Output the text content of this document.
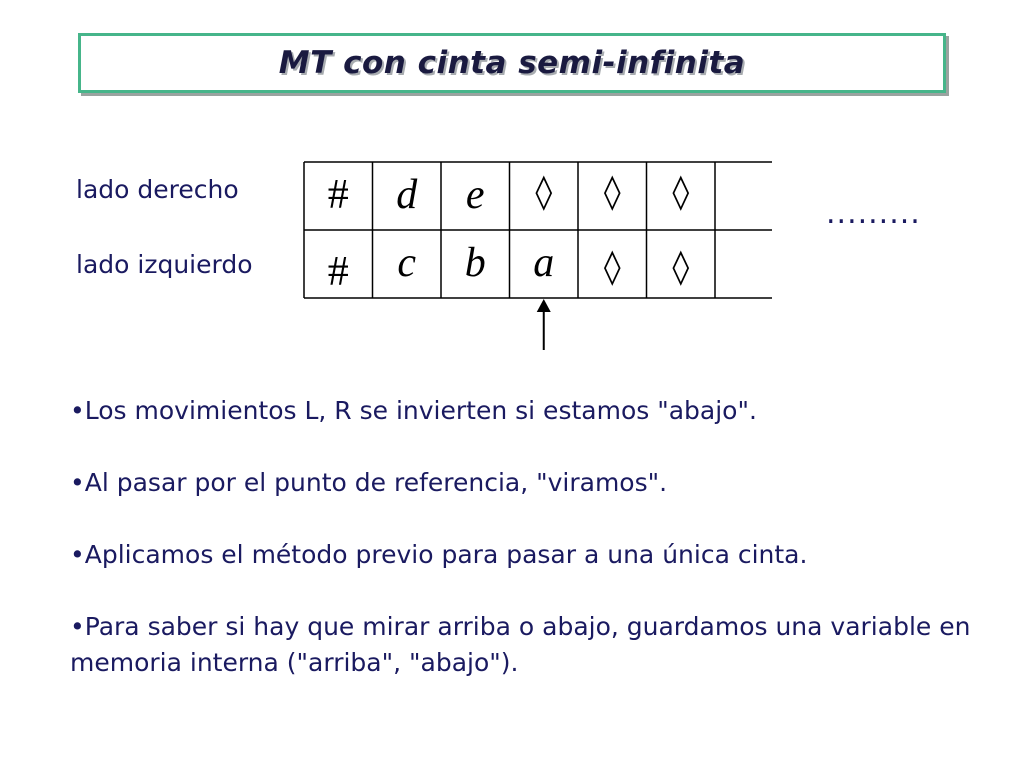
MT con cinta semi-infinita
lado derecho
lado izquierdo
# d e ◊ ◊ ◊
# c b a ◊ ◊
.........
•Los movimientos L, R se invierten si estamos "abajo".
•Al pasar por el punto de referencia, "viramos".
•Aplicamos el método previo para pasar a una única cinta.
•Para saber si hay que mirar arriba o abajo, guardamos una variable en memoria interna ("arriba", "abajo").
